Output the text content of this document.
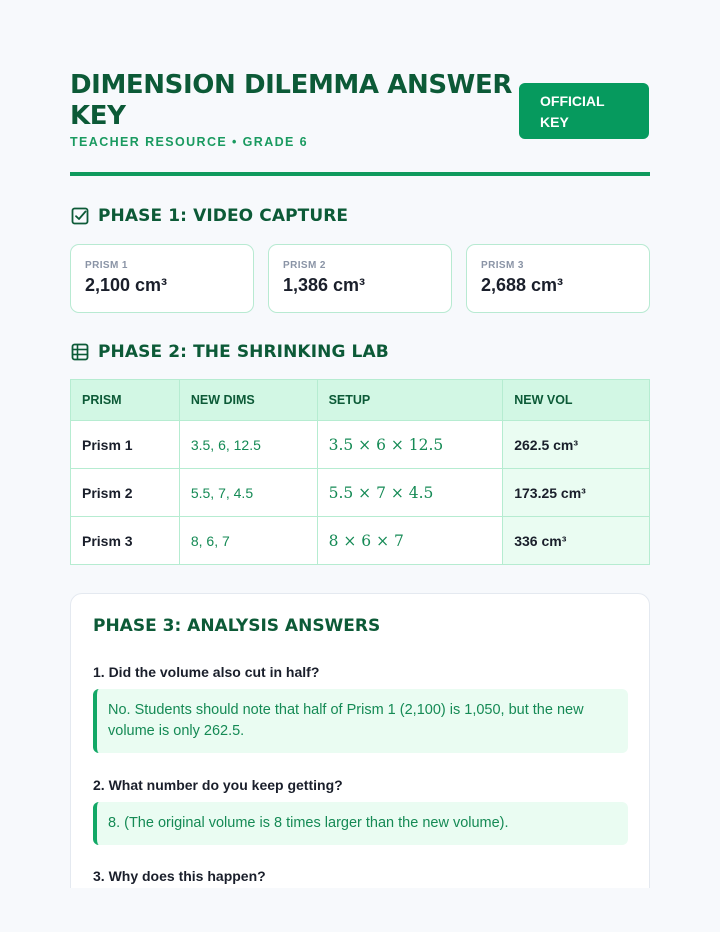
DIMENSION DILEMMA ANSWER KEY
TEACHER RESOURCE • GRADE 6
OFFICIAL
KEY
PHASE 1: VIDEO CAPTURE
PRISM 1
2,100 cm³
PRISM 2
1,386 cm³
PRISM 3
2,688 cm³
PHASE 2: THE SHRINKING LAB
PRISM	NEW DIMS	SETUP	NEW VOL
Prism 1	3.5, 6, 12.5	3.5 × 6 × 12.5	262.5 cm³
Prism 2	5.5, 7, 4.5	5.5 × 7 × 4.5	173.25 cm³
Prism 3	8, 6, 7	8 × 6 × 7	336 cm³
PHASE 3: ANALYSIS ANSWERS
1. Did the volume also cut in half?
No. Students should note that half of Prism 1 (2,100) is 1,050, but the new volume is only 262.5.
2. What number do you keep getting?
8. (The original volume is 8 times larger than the new volume).
3. Why does this happen?
